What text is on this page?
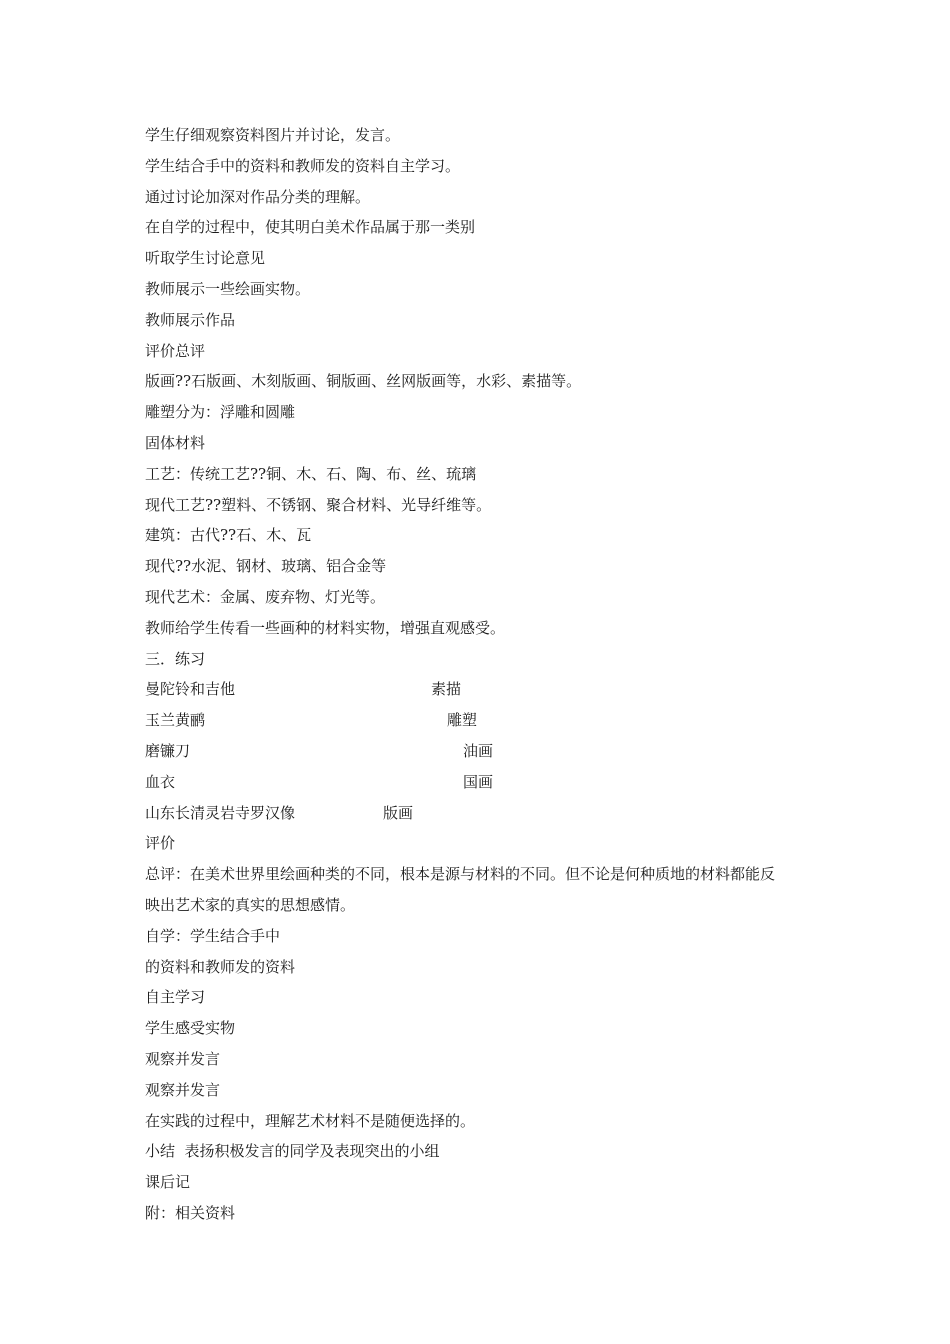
学生仔细观察资料图片并讨论，发言。
学生结合手中的资料和教师发的资料自主学习。
通过讨论加深对作品分类的理解。
在自学的过程中，使其明白美术作品属于那一类别
听取学生讨论意见
教师展示一些绘画实物。
教师展示作品
评价总评
版画??石版画、木刻版画、铜版画、丝网版画等，水彩、素描等。
雕塑分为：浮雕和圆雕
固体材料
工艺：传统工艺??铜、木、石、陶、布、丝、琉璃
现代工艺??塑料、不锈钢、聚合材料、光导纤维等。
建筑：古代??石、木、瓦
现代??水泥、钢材、玻璃、铝合金等
现代艺术：金属、废弃物、灯光等。
教师给学生传看一些画种的材料实物，增强直观感受。
三．练习
曼陀铃和吉他	素描
玉兰黄鹂	雕塑
磨镰刀	油画
血衣	国画
山东长清灵岩寺罗汉像	版画
评价
总评：在美术世界里绘画种类的不同，根本是源与材料的不同。但不论是何种质地的材料都能反
映出艺术家的真实的思想感情。
自学：学生结合手中
的资料和教师发的资料
自主学习
学生感受实物
观察并发言
观察并发言
在实践的过程中，理解艺术材料不是随便选择的。
小结  表扬积极发言的同学及表现突出的小组
课后记
附：相关资料
